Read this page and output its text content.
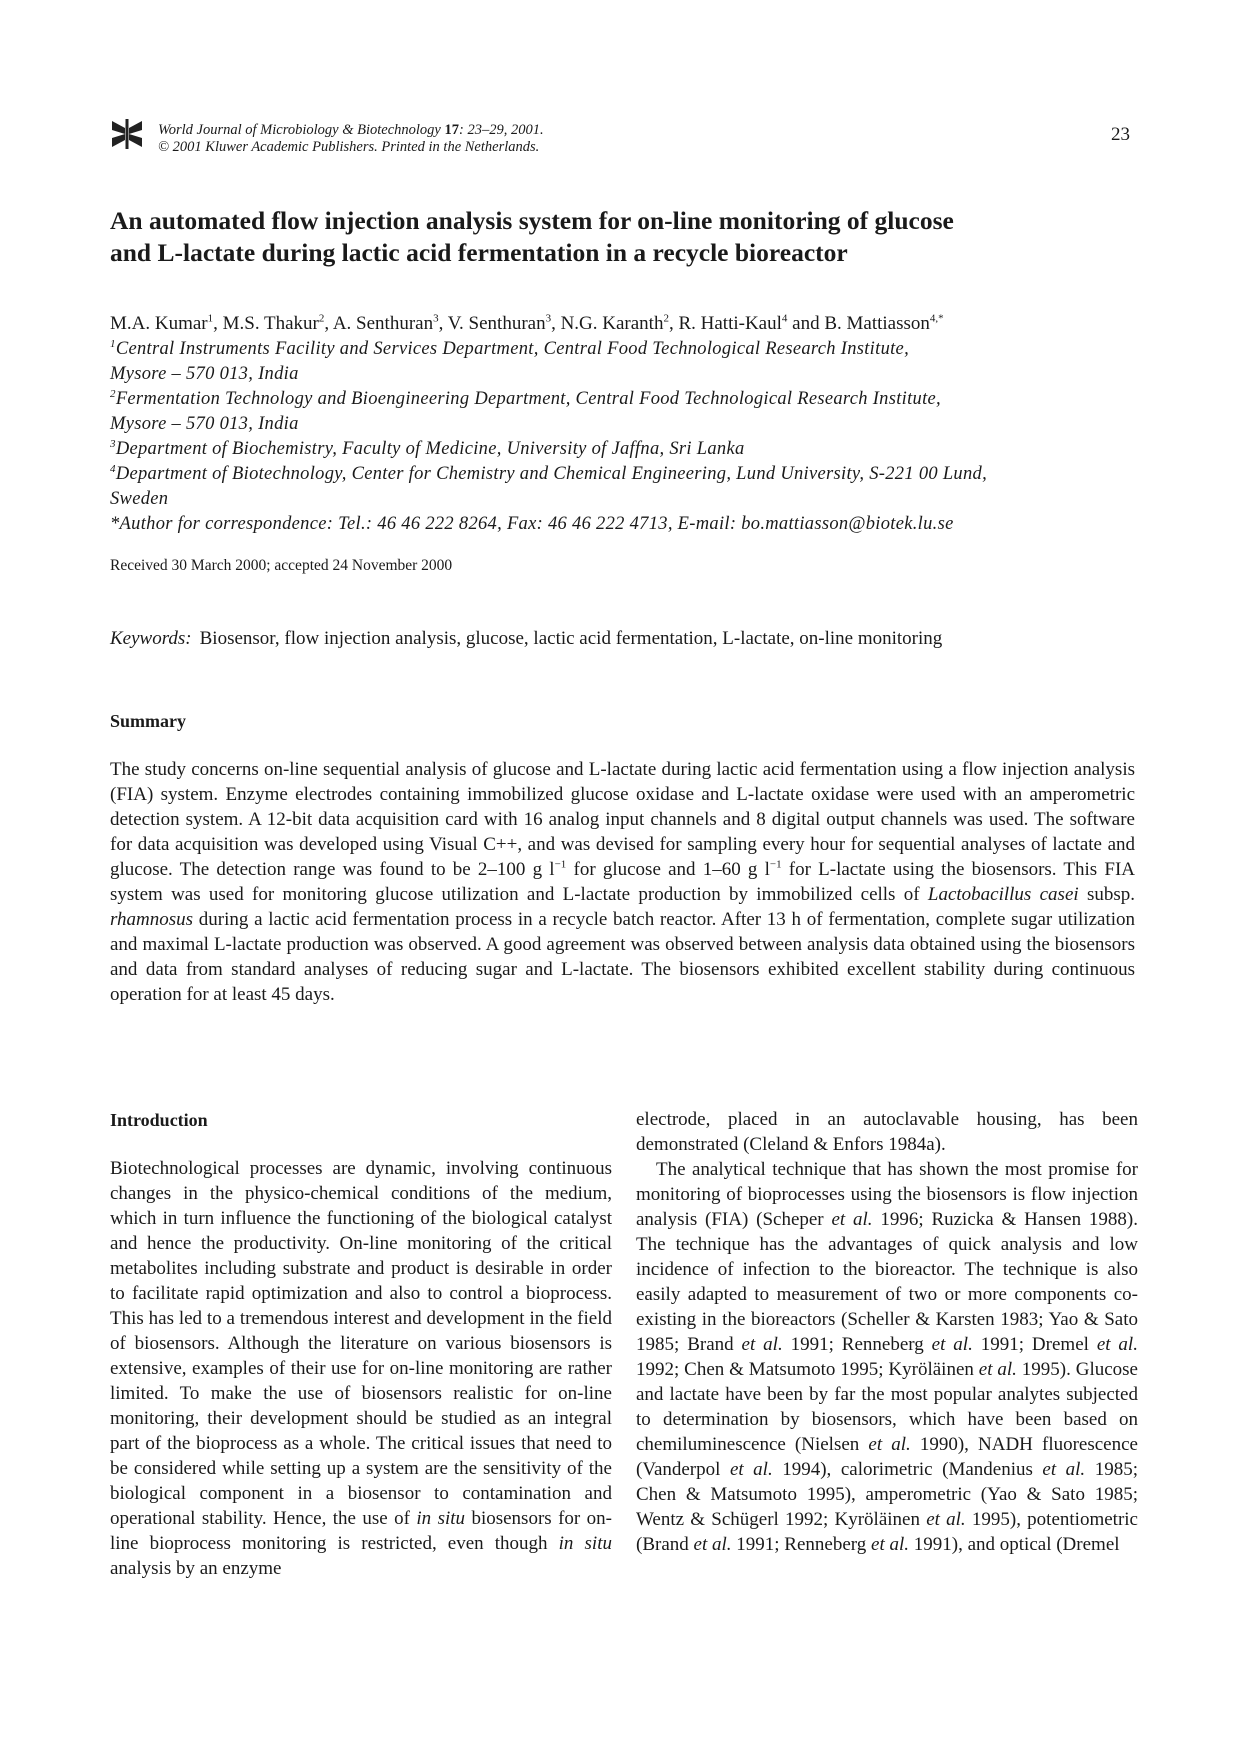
World Journal of Microbiology & Biotechnology 17: 23–29, 2001.
© 2001 Kluwer Academic Publishers. Printed in the Netherlands.
23
An automated flow injection analysis system for on-line monitoring of glucose
and L-lactate during lactic acid fermentation in a recycle bioreactor
M.A. Kumar$^1$, M.S. Thakur$^2$, A. Senthuran$^3$, V. Senthuran$^3$, N.G. Karanth$^2$, R. Hatti-Kaul$^4$ and B. Mattiasson$^{4,*}$
$^1$Central Instruments Facility and Services Department, Central Food Technological Research Institute,
Mysore – 570 013, India
$^2$Fermentation Technology and Bioengineering Department, Central Food Technological Research Institute,
Mysore – 570 013, India
$^3$Department of Biochemistry, Faculty of Medicine, University of Jaffna, Sri Lanka
$^4$Department of Biotechnology, Center for Chemistry and Chemical Engineering, Lund University, S-221 00 Lund,
Sweden
*Author for correspondence: Tel.: 46 46 222 8264, Fax: 46 46 222 4713, E-mail: bo.mattiasson@biotek.lu.se
Received 30 March 2000; accepted 24 November 2000
Keywords: Biosensor, flow injection analysis, glucose, lactic acid fermentation, L-lactate, on-line monitoring
Summary
The study concerns on-line sequential analysis of glucose and L-lactate during lactic acid fermentation using a flow injection analysis (FIA) system. Enzyme electrodes containing immobilized glucose oxidase and L-lactate oxidase were used with an amperometric detection system. A 12-bit data acquisition card with 16 analog input channels and 8 digital output channels was used. The software for data acquisition was developed using Visual C++, and was devised for sampling every hour for sequential analyses of lactate and glucose. The detection range was found to be 2–100 g $l^{-1}$ for glucose and 1–60 g $l^{-1}$ for L-lactate using the biosensors. This FIA system was used for monitoring glucose utilization and L-lactate production by immobilized cells of Lactobacillus casei subsp. rhamnosus during a lactic acid fermentation process in a recycle batch reactor. After 13 h of fermentation, complete sugar utilization and maximal L-lactate production was observed. A good agreement was observed between analysis data obtained using the biosensors and data from standard analyses of reducing sugar and L-lactate. The biosensors exhibited excellent stability during continuous operation for at least 45 days.
Introduction
Biotechnological processes are dynamic, involving continuous changes in the physico-chemical conditions of the medium, which in turn influence the functioning of the biological catalyst and hence the productivity. On-line monitoring of the critical metabolites including substrate and product is desirable in order to facilitate rapid optimization and also to control a bioprocess. This has led to a tremendous interest and development in the field of biosensors. Although the literature on various biosensors is extensive, examples of their use for on-line monitoring are rather limited. To make the use of biosensors realistic for on-line monitoring, their development should be studied as an integral part of the bioprocess as a whole. The critical issues that need to be considered while setting up a system are the sensitivity of the biological component in a biosensor to contamination and operational stability. Hence, the use of in situ biosensors for on-line bioprocess monitoring is restricted, even though in situ analysis by an enzyme

electrode, placed in an autoclavable housing, has been demonstrated (Cleland & Enfors 1984a).

The analytical technique that has shown the most promise for monitoring of bioprocesses using the biosensors is flow injection analysis (FIA) (Scheper et al. 1996; Ruzicka & Hansen 1988). The technique has the advantages of quick analysis and low incidence of infection to the bioreactor. The technique is also easily adapted to measurement of two or more components co-existing in the bioreactors (Scheller & Karsten 1983; Yao & Sato 1985; Brand et al. 1991; Renneberg et al. 1991; Dremel et al. 1992; Chen & Matsumoto 1995; Kyröläinen et al. 1995). Glucose and lactate have been by far the most popular analytes subjected to determination by biosensors, which have been based on chemiluminescence (Nielsen et al. 1990), NADH fluorescence (Vanderpol et al. 1994), calorimetric (Mandenius et al. 1985; Chen & Matsumoto 1995), amperometric (Yao & Sato 1985; Wentz & Schügerl 1992; Kyröläinen et al. 1995), potentiometric (Brand et al. 1991; Renneberg et al. 1991), and optical (Dremel
